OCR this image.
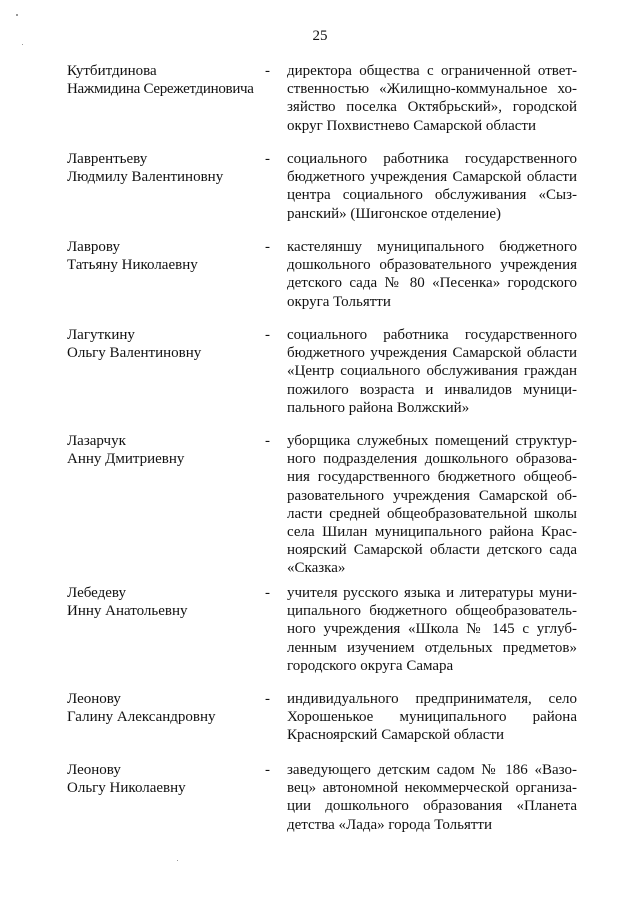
25
Кутбитдинова
Нажмидина Сережетдиновича
- директора общества с ограниченной ответственностью «Жилищно-коммунальное хозяйство поселка Октябрьский», городской округ Похвистнево Самарской области
Лаврентьеву
Людмилу Валентиновну
- социального работника государственного бюджетного учреждения Самарской области центра социального обслуживания «Сызранский» (Шигонское отделение)
Лаврову
Татьяну Николаевну
- кастеляншу муниципального бюджетного дошкольного образовательного учреждения детского сада № 80 «Песенка» городского округа Тольятти
Лагуткину
Ольгу Валентиновну
- социального работника государственного бюджетного учреждения Самарской области «Центр социального обслуживания граждан пожилого возраста и инвалидов муниципального района Волжский»
Лазарчук
Анну Дмитриевну
- уборщика служебных помещений структурного подразделения дошкольного образования государственного бюджетного общеобразовательного учреждения Самарской области средней общеобразовательной школы села Шилан муниципального района Красноярский Самарской области детского сада «Сказка»
Лебедеву
Инну Анатольевну
- учителя русского языка и литературы муниципального бюджетного общеобразовательного учреждения «Школа № 145 с углубленным изучением отдельных предметов» городского округа Самара
Леонову
Галину Александровну
- индивидуального предпринимателя, село Хорошенькое муниципального района Красноярский Самарской области
Леонову
Ольгу Николаевну
- заведующего детским садом № 186 «Вазовец» автономной некоммерческой организации дошкольного образования «Планета детства «Лада» города Тольятти
